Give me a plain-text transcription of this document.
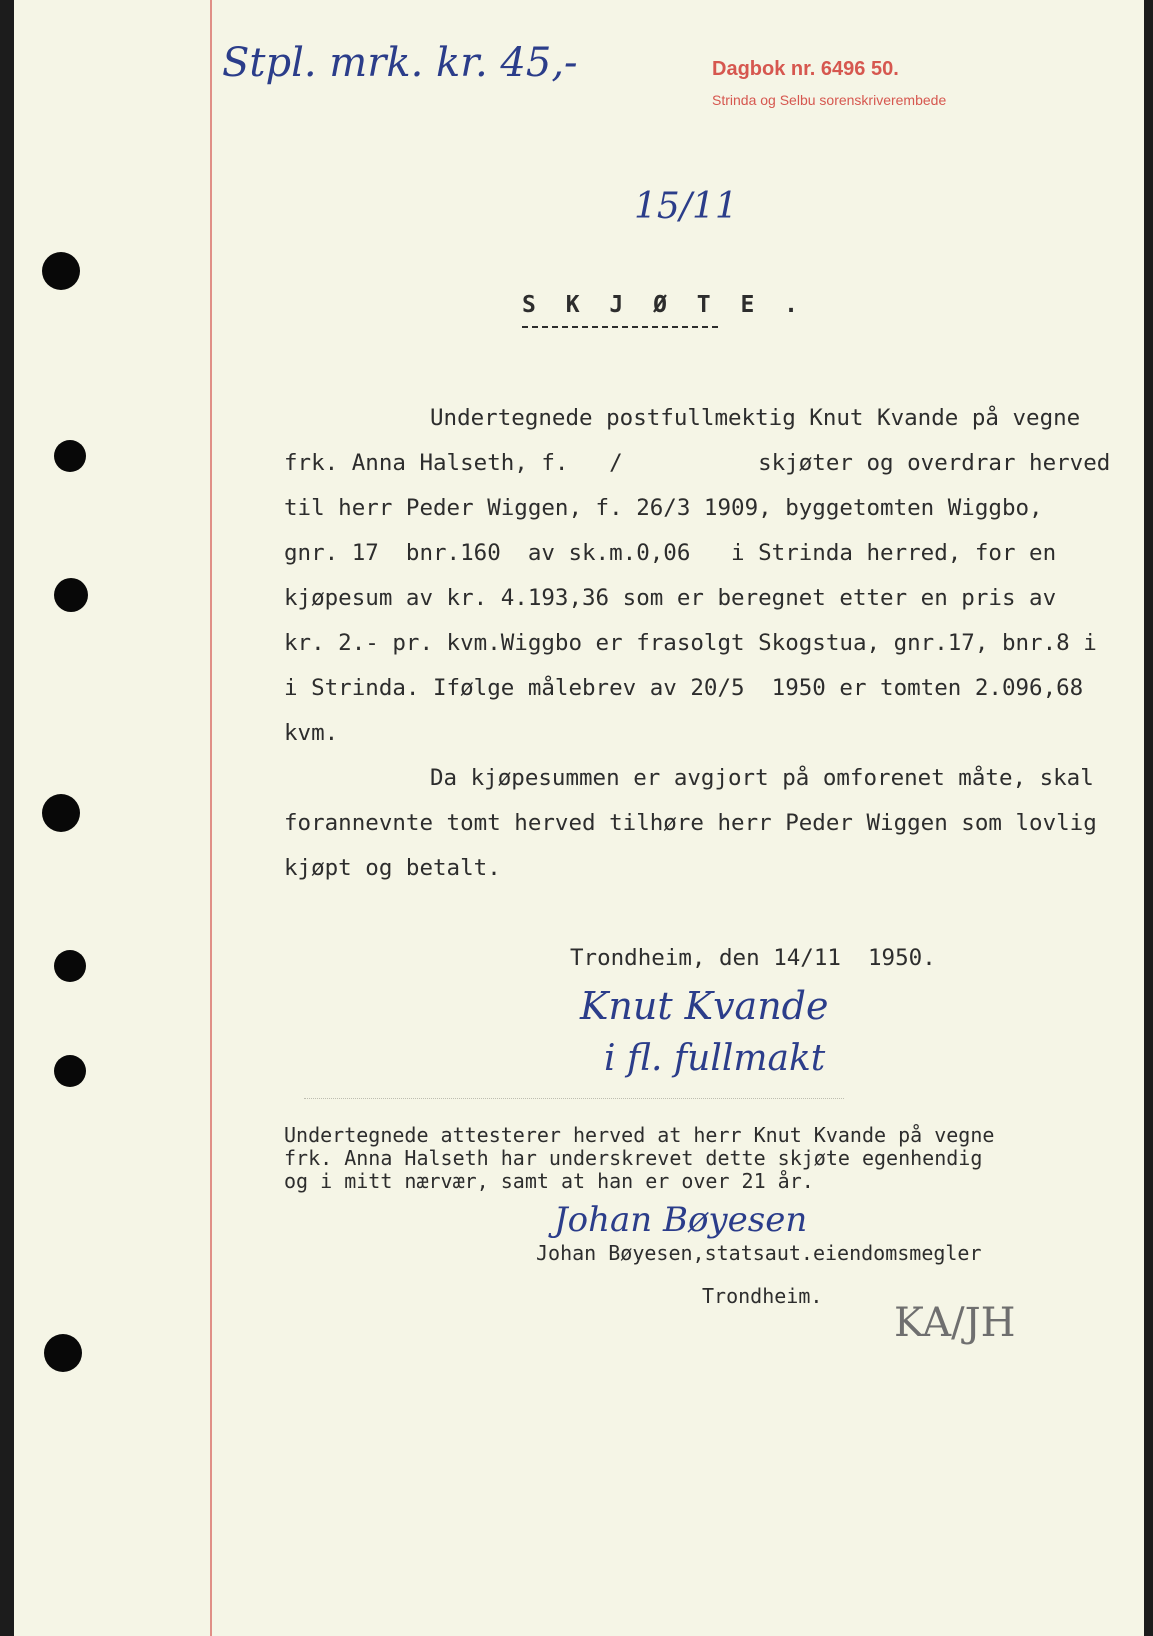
Stpl. mrk. kr. 45,-	Dagbok nr. 6496 50.
Strinda og Selbu sorenskriverembede
15/11
S K J Ø T E .
Undertegnede postfullmektig Knut Kvande på vegne
frk. Anna Halseth, f.   /          skjøter og overdrar herved
til herr Peder Wiggen, f. 26/3 1909, byggetomten Wiggbo,
gnr. 17  bnr.160  av sk.m.0,06   i Strinda herred, for en
kjøpesum av kr. 4.193,36 som er beregnet etter en pris av
kr. 2.- pr. kvm.Wiggbo er frasolgt Skogstua, gnr.17, bnr.8 i
i Strinda. Ifølge målebrev av 20/5  1950 er tomten 2.096,68
kvm.
Da kjøpesummen er avgjort på omforenet måte, skal
forannevnte tomt herved tilhøre herr Peder Wiggen som lovlig
kjøpt og betalt.
Trondheim, den 14/11  1950.
Knut Kvande
i fl. fullmakt
Undertegnede attesterer herved at herr Knut Kvande på vegne
frk. Anna Halseth har underskrevet dette skjøte egenhendig
og i mitt nærvær, samt at han er over 21 år.
Johan Bøyesen
Johan Bøyesen,statsaut.eiendomsmegler
Trondheim.
KA/JH
